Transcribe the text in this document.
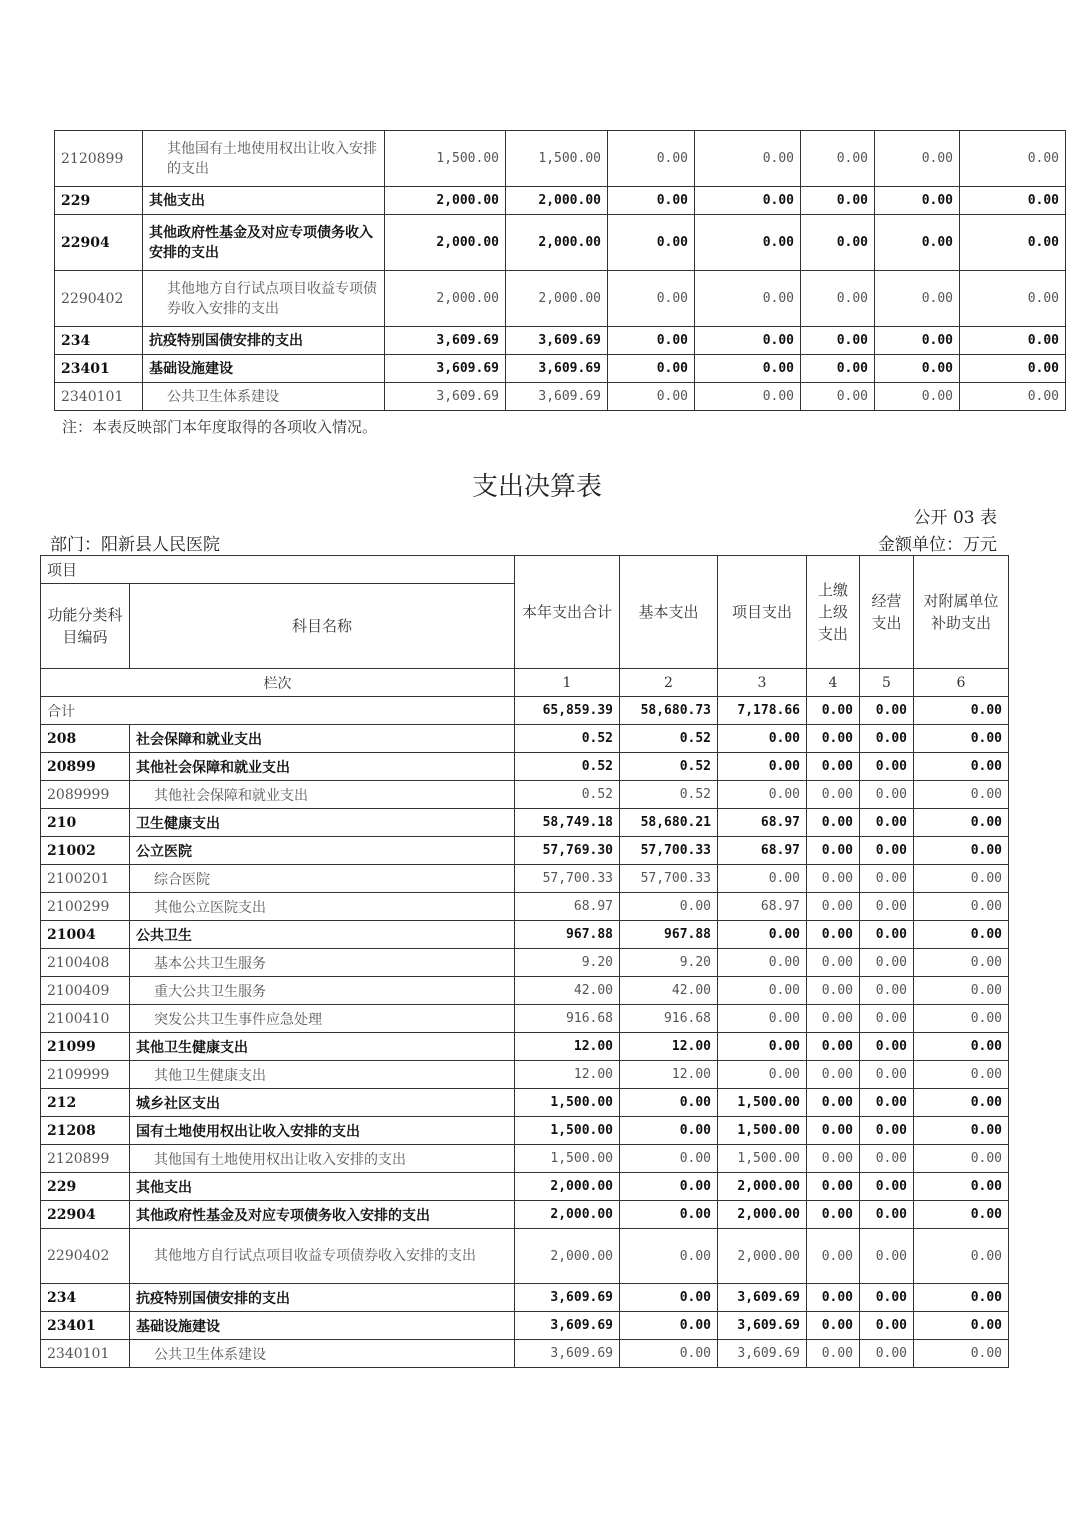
2120899	其他国有土地使用权出让收入安排的支出	1,500.00	1,500.00	0.00	0.00	0.00	0.00	0.00
229	其他支出	2,000.00	2,000.00	0.00	0.00	0.00	0.00	0.00
22904	其他政府性基金及对应专项债务收入安排的支出	2,000.00	2,000.00	0.00	0.00	0.00	0.00	0.00
2290402	其他地方自行试点项目收益专项债券收入安排的支出	2,000.00	2,000.00	0.00	0.00	0.00	0.00	0.00
234	抗疫特别国债安排的支出	3,609.69	3,609.69	0.00	0.00	0.00	0.00	0.00
23401	基础设施建设	3,609.69	3,609.69	0.00	0.00	0.00	0.00	0.00
2340101	公共卫生体系建设	3,609.69	3,609.69	0.00	0.00	0.00	0.00	0.00
注：本表反映部门本年度取得的各项收入情况。
支出决算表
公开 03 表
部门：阳新县人民医院	金额单位：万元
项目		本年支出合计	基本支出	项目支出	上缴上级支出	经营支出	对附属单位补助支出
功能分类科目编码	科目名称						
栏次		1	2	3	4	5	6
合计		65,859.39	58,680.73	7,178.66	0.00	0.00	0.00
208	社会保障和就业支出	0.52	0.52	0.00	0.00	0.00	0.00
20899	其他社会保障和就业支出	0.52	0.52	0.00	0.00	0.00	0.00
2089999	其他社会保障和就业支出	0.52	0.52	0.00	0.00	0.00	0.00
210	卫生健康支出	58,749.18	58,680.21	68.97	0.00	0.00	0.00
21002	公立医院	57,769.30	57,700.33	68.97	0.00	0.00	0.00
2100201	综合医院	57,700.33	57,700.33	0.00	0.00	0.00	0.00
2100299	其他公立医院支出	68.97	0.00	68.97	0.00	0.00	0.00
21004	公共卫生	967.88	967.88	0.00	0.00	0.00	0.00
2100408	基本公共卫生服务	9.20	9.20	0.00	0.00	0.00	0.00
2100409	重大公共卫生服务	42.00	42.00	0.00	0.00	0.00	0.00
2100410	突发公共卫生事件应急处理	916.68	916.68	0.00	0.00	0.00	0.00
21099	其他卫生健康支出	12.00	12.00	0.00	0.00	0.00	0.00
2109999	其他卫生健康支出	12.00	12.00	0.00	0.00	0.00	0.00
212	城乡社区支出	1,500.00	0.00	1,500.00	0.00	0.00	0.00
21208	国有土地使用权出让收入安排的支出	1,500.00	0.00	1,500.00	0.00	0.00	0.00
2120899	其他国有土地使用权出让收入安排的支出	1,500.00	0.00	1,500.00	0.00	0.00	0.00
229	其他支出	2,000.00	0.00	2,000.00	0.00	0.00	0.00
22904	其他政府性基金及对应专项债务收入安排的支出	2,000.00	0.00	2,000.00	0.00	0.00	0.00
2290402	其他地方自行试点项目收益专项债券收入安排的支出	2,000.00	0.00	2,000.00	0.00	0.00	0.00
234	抗疫特别国债安排的支出	3,609.69	0.00	3,609.69	0.00	0.00	0.00
23401	基础设施建设	3,609.69	0.00	3,609.69	0.00	0.00	0.00
2340101	公共卫生体系建设	3,609.69	0.00	3,609.69	0.00	0.00	0.00
